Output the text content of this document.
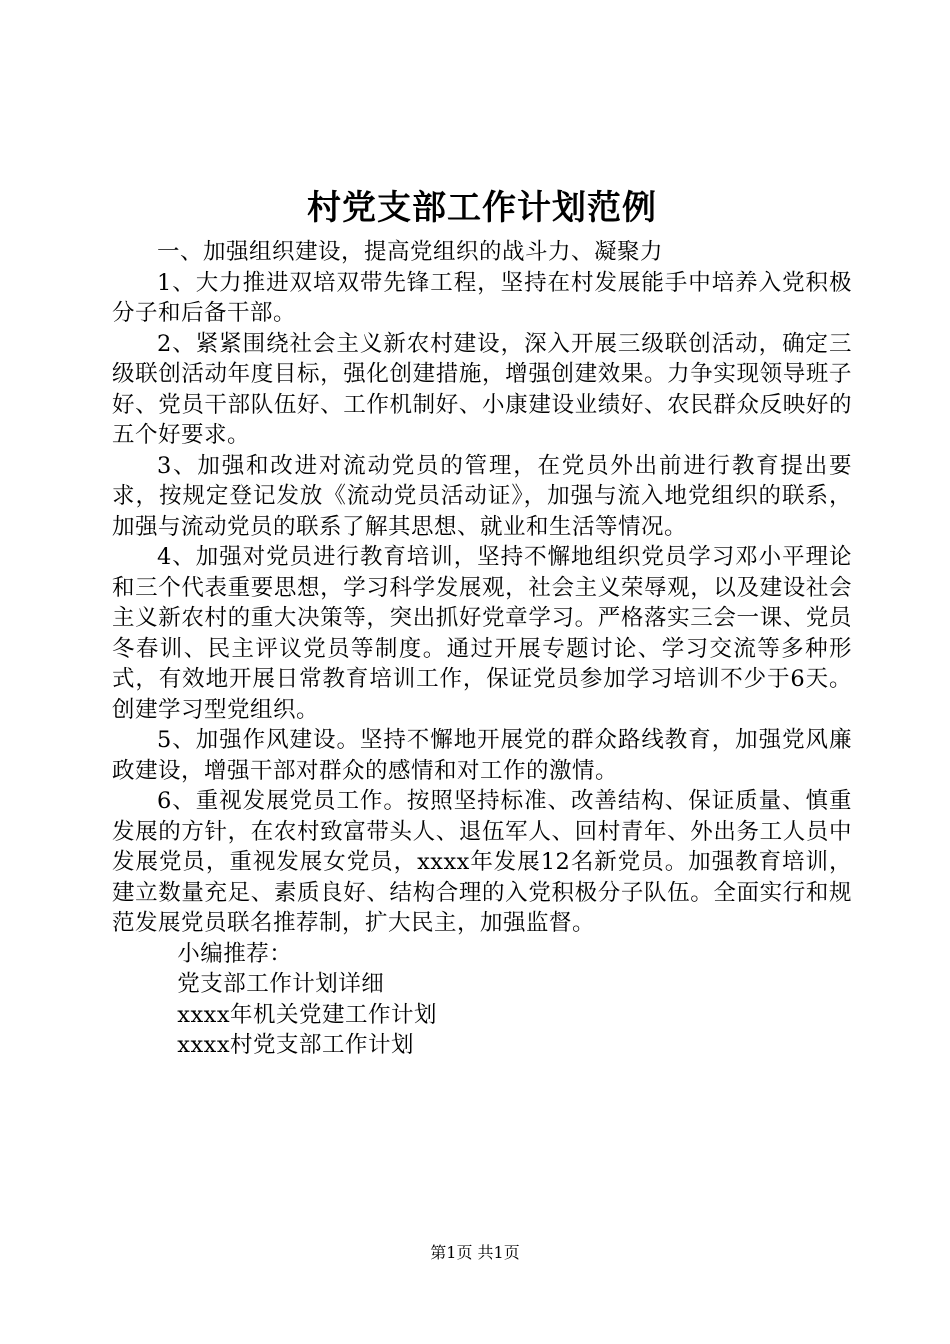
村党支部工作计划范例

一、加强组织建设，提高党组织的战斗力、凝聚力

1、大力推进双培双带先锋工程，坚持在村发展能手中培养入党积极分子和后备干部。

2、紧紧围绕社会主义新农村建设，深入开展三级联创活动，确定三级联创活动年度目标，强化创建措施，增强创建效果。力争实现领导班子好、党员干部队伍好、工作机制好、小康建设业绩好、农民群众反映好的五个好要求。

3、加强和改进对流动党员的管理，在党员外出前进行教育提出要求，按规定登记发放《流动党员活动证》，加强与流入地党组织的联系，加强与流动党员的联系了解其思想、就业和生活等情况。

4、加强对党员进行教育培训，坚持不懈地组织党员学习邓小平理论和三个代表重要思想，学习科学发展观，社会主义荣辱观，以及建设社会主义新农村的重大决策等，突出抓好党章学习。严格落实三会一课、党员冬春训、民主评议党员等制度。通过开展专题讨论、学习交流等多种形式，有效地开展日常教育培训工作，保证党员参加学习培训不少于6天。创建学习型党组织。

5、加强作风建设。坚持不懈地开展党的群众路线教育，加强党风廉政建设，增强干部对群众的感情和对工作的激情。

6、重视发展党员工作。按照坚持标准、改善结构、保证质量、慎重发展的方针，在农村致富带头人、退伍军人、回村青年、外出务工人员中发展党员，重视发展女党员，xxxx年发展12名新党员。加强教育培训，建立数量充足、素质良好、结构合理的入党积极分子队伍。全面实行和规范发展党员联名推荐制，扩大民主，加强监督。

小编推荐：

党支部工作计划详细

xxxx年机关党建工作计划

xxxx村党支部工作计划

第1页 共1页
